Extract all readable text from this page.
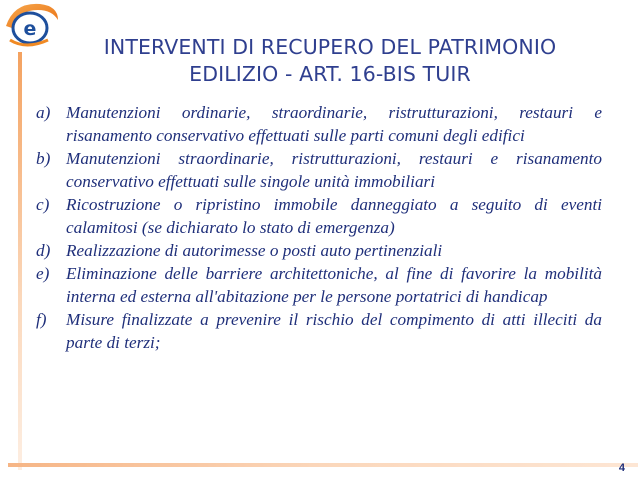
e
INTERVENTI DI RECUPERO DEL PATRIMONIO
EDILIZIO - ART. 16-BIS TUIR
a) Manutenzioni ordinarie, straordinarie, ristrutturazioni, restauri e risanamento conservativo effettuati sulle parti comuni degli edifici
b) Manutenzioni straordinarie, ristrutturazioni, restauri e risanamento conservativo effettuati sulle singole unità immobiliari
c) Ricostruzione o ripristino immobile danneggiato a seguito di eventi calamitosi (se dichiarato lo stato di emergenza)
d) Realizzazione di autorimesse o posti auto pertinenziali
e) Eliminazione delle barriere architettoniche, al fine di favorire la mobilità interna ed esterna all'abitazione per le persone portatrici di handicap
f) Misure finalizzate a prevenire il rischio del compimento di atti illeciti da parte di terzi;
4
